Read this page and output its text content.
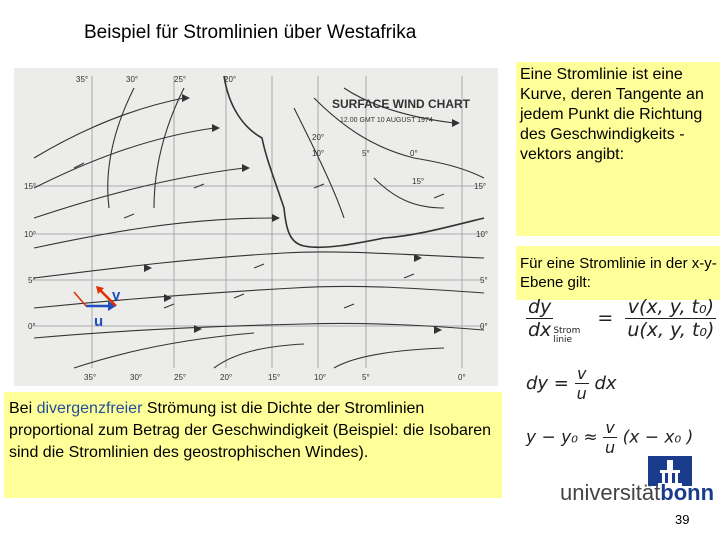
Beispiel für Stromlinien über Westafrika
SURFACE WIND CHART
12.00 GMT 10 AUGUST 1974
35°	30°	25°	20°
35°	30°	25°	20°	15°	10°	5°	0°
15°
10°
5°
0°
20°
15°
10°
5°
0°
15°
10°	5°	0°
v
u
Eine Stromlinie ist eine Kurve, deren Tangente an jedem Punkt die Richtung des Geschwindigkeits -vektors angibt:
Für eine Stromlinie in der x-y-Ebene gilt:
$\frac{dy}{dx}$ Strom linie = $\frac{\text{v(x, y, t₀)}}{\text{u(x, y, t₀)}}$
dy = $\frac{v}{u}$ dx
$y - y_0 \approx \frac{v}{u} (x - x_0$ )
Bei divergenzfreier Strömung ist die Dichte der Stromlinien proportional zum Betrag der Geschwindigkeit (Beispiel: die Isobaren sind die Stromlinien des geostrophischen Windes).
universitätbonn
39
